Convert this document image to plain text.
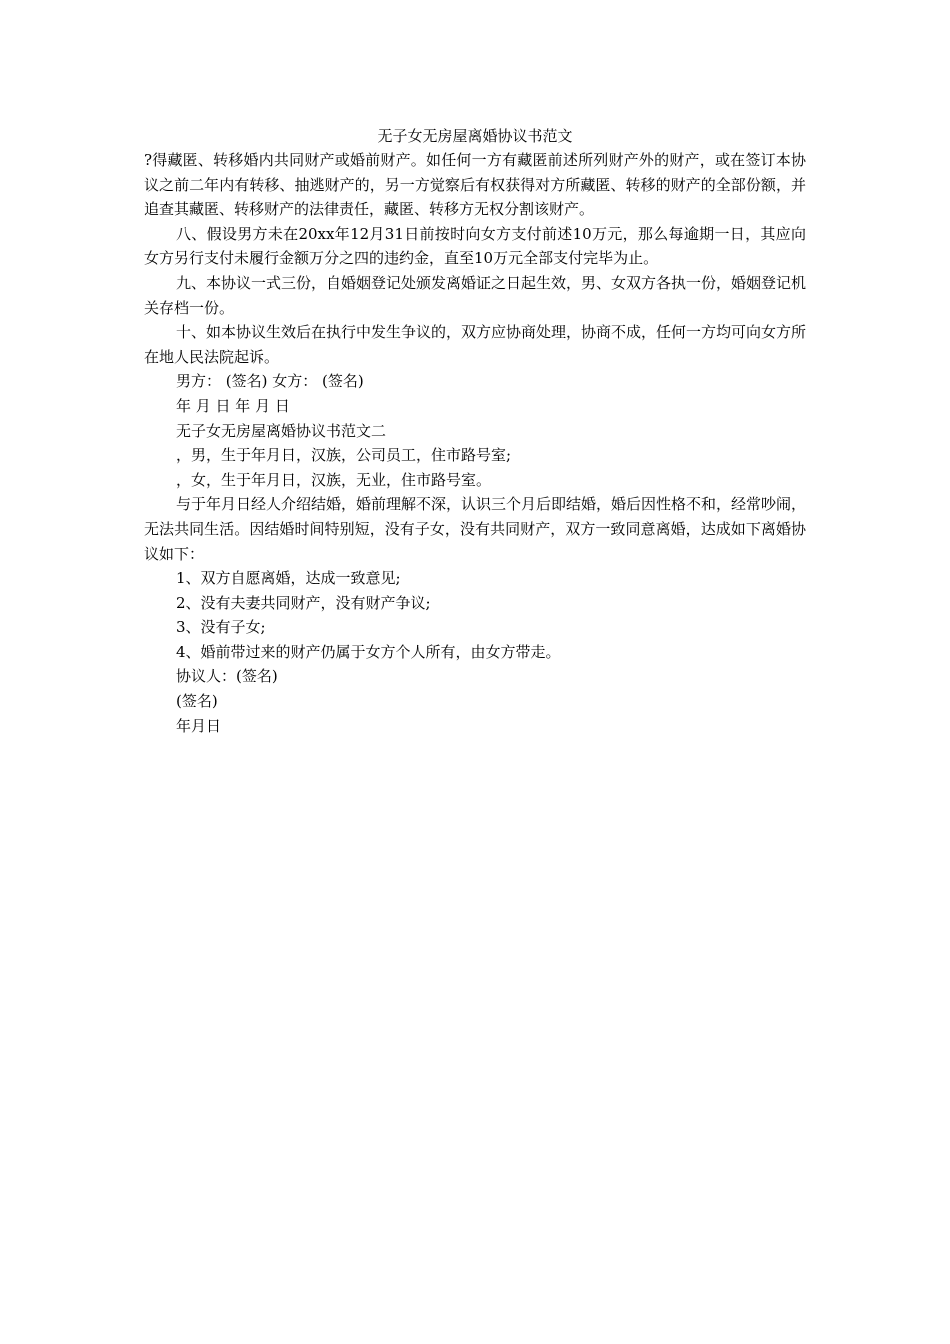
无子女无房屋离婚协议书范文

?得藏匿、转移婚内共同财产或婚前财产。如任何一方有藏匿前述所列财产外的财产，或在签订本协议之前二年内有转移、抽逃财产的，另一方觉察后有权获得对方所藏匿、转移的财产的全部份额，并追查其藏匿、转移财产的法律责任，藏匿、转移方无权分割该财产。

八、假设男方未在20xx年12月31日前按时向女方支付前述10万元，那么每逾期一日，其应向女方另行支付未履行金额万分之四的违约金，直至10万元全部支付完毕为止。

九、本协议一式三份，自婚姻登记处颁发离婚证之日起生效，男、女双方各执一份，婚姻登记机关存档一份。

十、如本协议生效后在执行中发生争议的，双方应协商处理，协商不成，任何一方均可向女方所在地人民法院起诉。

男方： (签名) 女方： (签名)

年 月 日 年 月 日

无子女无房屋离婚协议书范文二

，男，生于年月日，汉族，公司员工，住市路号室;

，女，生于年月日，汉族，无业，住市路号室。

与于年月日经人介绍结婚，婚前理解不深，认识三个月后即结婚，婚后因性格不和，经常吵闹，无法共同生活。因结婚时间特别短，没有子女，没有共同财产，双方一致同意离婚，达成如下离婚协议如下：

1、双方自愿离婚，达成一致意见;

2、没有夫妻共同财产，没有财产争议;

3、没有子女;

4、婚前带过来的财产仍属于女方个人所有，由女方带走。

协议人：(签名)

(签名)

年月日
